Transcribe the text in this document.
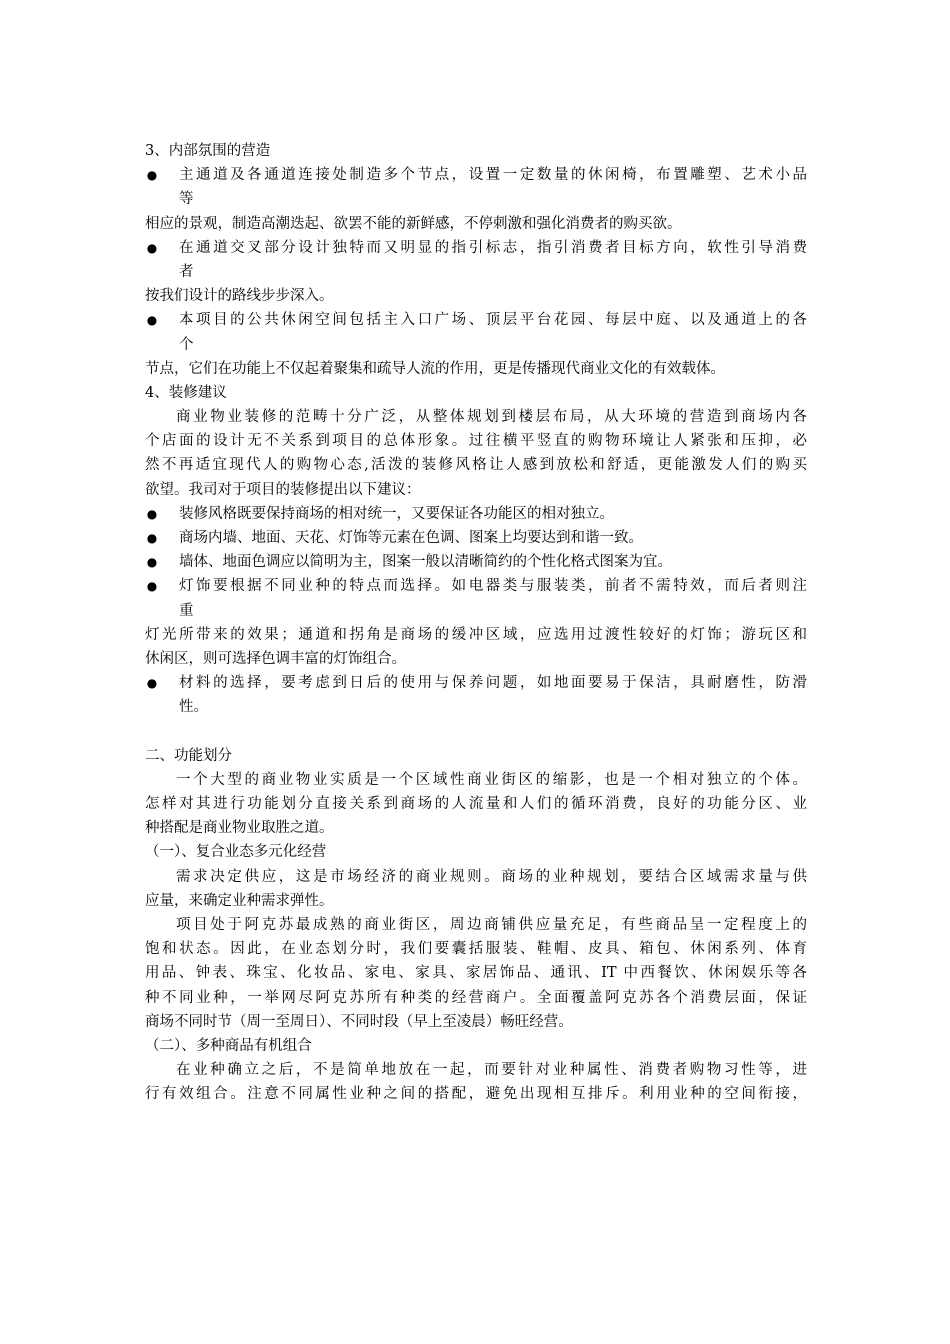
3、内部氛围的营造
● 主通道及各通道连接处制造多个节点，设置一定数量的休闲椅，布置雕塑、艺术小品
等
相应的景观，制造高潮迭起、欲罢不能的新鲜感，不停刺激和强化消费者的购买欲。
● 在通道交叉部分设计独特而又明显的指引标志，指引消费者目标方向，软性引导消费
者
按我们设计的路线步步深入。
● 本项目的公共休闲空间包括主入口广场、顶层平台花园、每层中庭、以及通道上的各
个
节点，它们在功能上不仅起着聚集和疏导人流的作用，更是传播现代商业文化的有效载体。
4、装修建议
商业物业装修的范畴十分广泛，从整体规划到楼层布局，从大环境的营造到商场内各
个店面的设计无不关系到项目的总体形象。过往横平竖直的购物环境让人紧张和压抑，必
然不再适宜现代人的购物心态,活泼的装修风格让人感到放松和舒适，更能激发人们的购买
欲望。我司对于项目的装修提出以下建议：
● 装修风格既要保持商场的相对统一，又要保证各功能区的相对独立。
● 商场内墙、地面、天花、灯饰等元素在色调、图案上均要达到和谐一致。
● 墙体、地面色调应以简明为主，图案一般以清晰简约的个性化格式图案为宜。
● 灯饰要根据不同业种的特点而选择。如电器类与服装类，前者不需特效，而后者则注
重
灯光所带来的效果；通道和拐角是商场的缓冲区域，应选用过渡性较好的灯饰；游玩区和
休闲区，则可选择色调丰富的灯饰组合。
● 材料的选择，要考虑到日后的使用与保养问题，如地面要易于保洁，具耐磨性，防滑
性。
二、功能划分
一个大型的商业物业实质是一个区域性商业街区的缩影，也是一个相对独立的个体。
怎样对其进行功能划分直接关系到商场的人流量和人们的循环消费，良好的功能分区、业
种搭配是商业物业取胜之道。
（一）、复合业态多元化经营
需求决定供应，这是市场经济的商业规则。商场的业种规划，要结合区域需求量与供
应量，来确定业种需求弹性。
项目处于阿克苏最成熟的商业街区，周边商铺供应量充足，有些商品呈一定程度上的
饱和状态。因此，在业态划分时，我们要囊括服装、鞋帽、皮具、箱包、休闲系列、体育
用品、钟表、珠宝、化妆品、家电、家具、家居饰品、通讯、IT 中西餐饮、休闲娱乐等各
种不同业种，一举网尽阿克苏所有种类的经营商户。全面覆盖阿克苏各个消费层面，保证
商场不同时节（周一至周日）、不同时段（早上至凌晨）畅旺经营。
（二）、多种商品有机组合
在业种确立之后，不是简单地放在一起，而要针对业种属性、消费者购物习性等，进
行有效组合。注意不同属性业种之间的搭配，避免出现相互排斥。利用业种的空间衔接，
